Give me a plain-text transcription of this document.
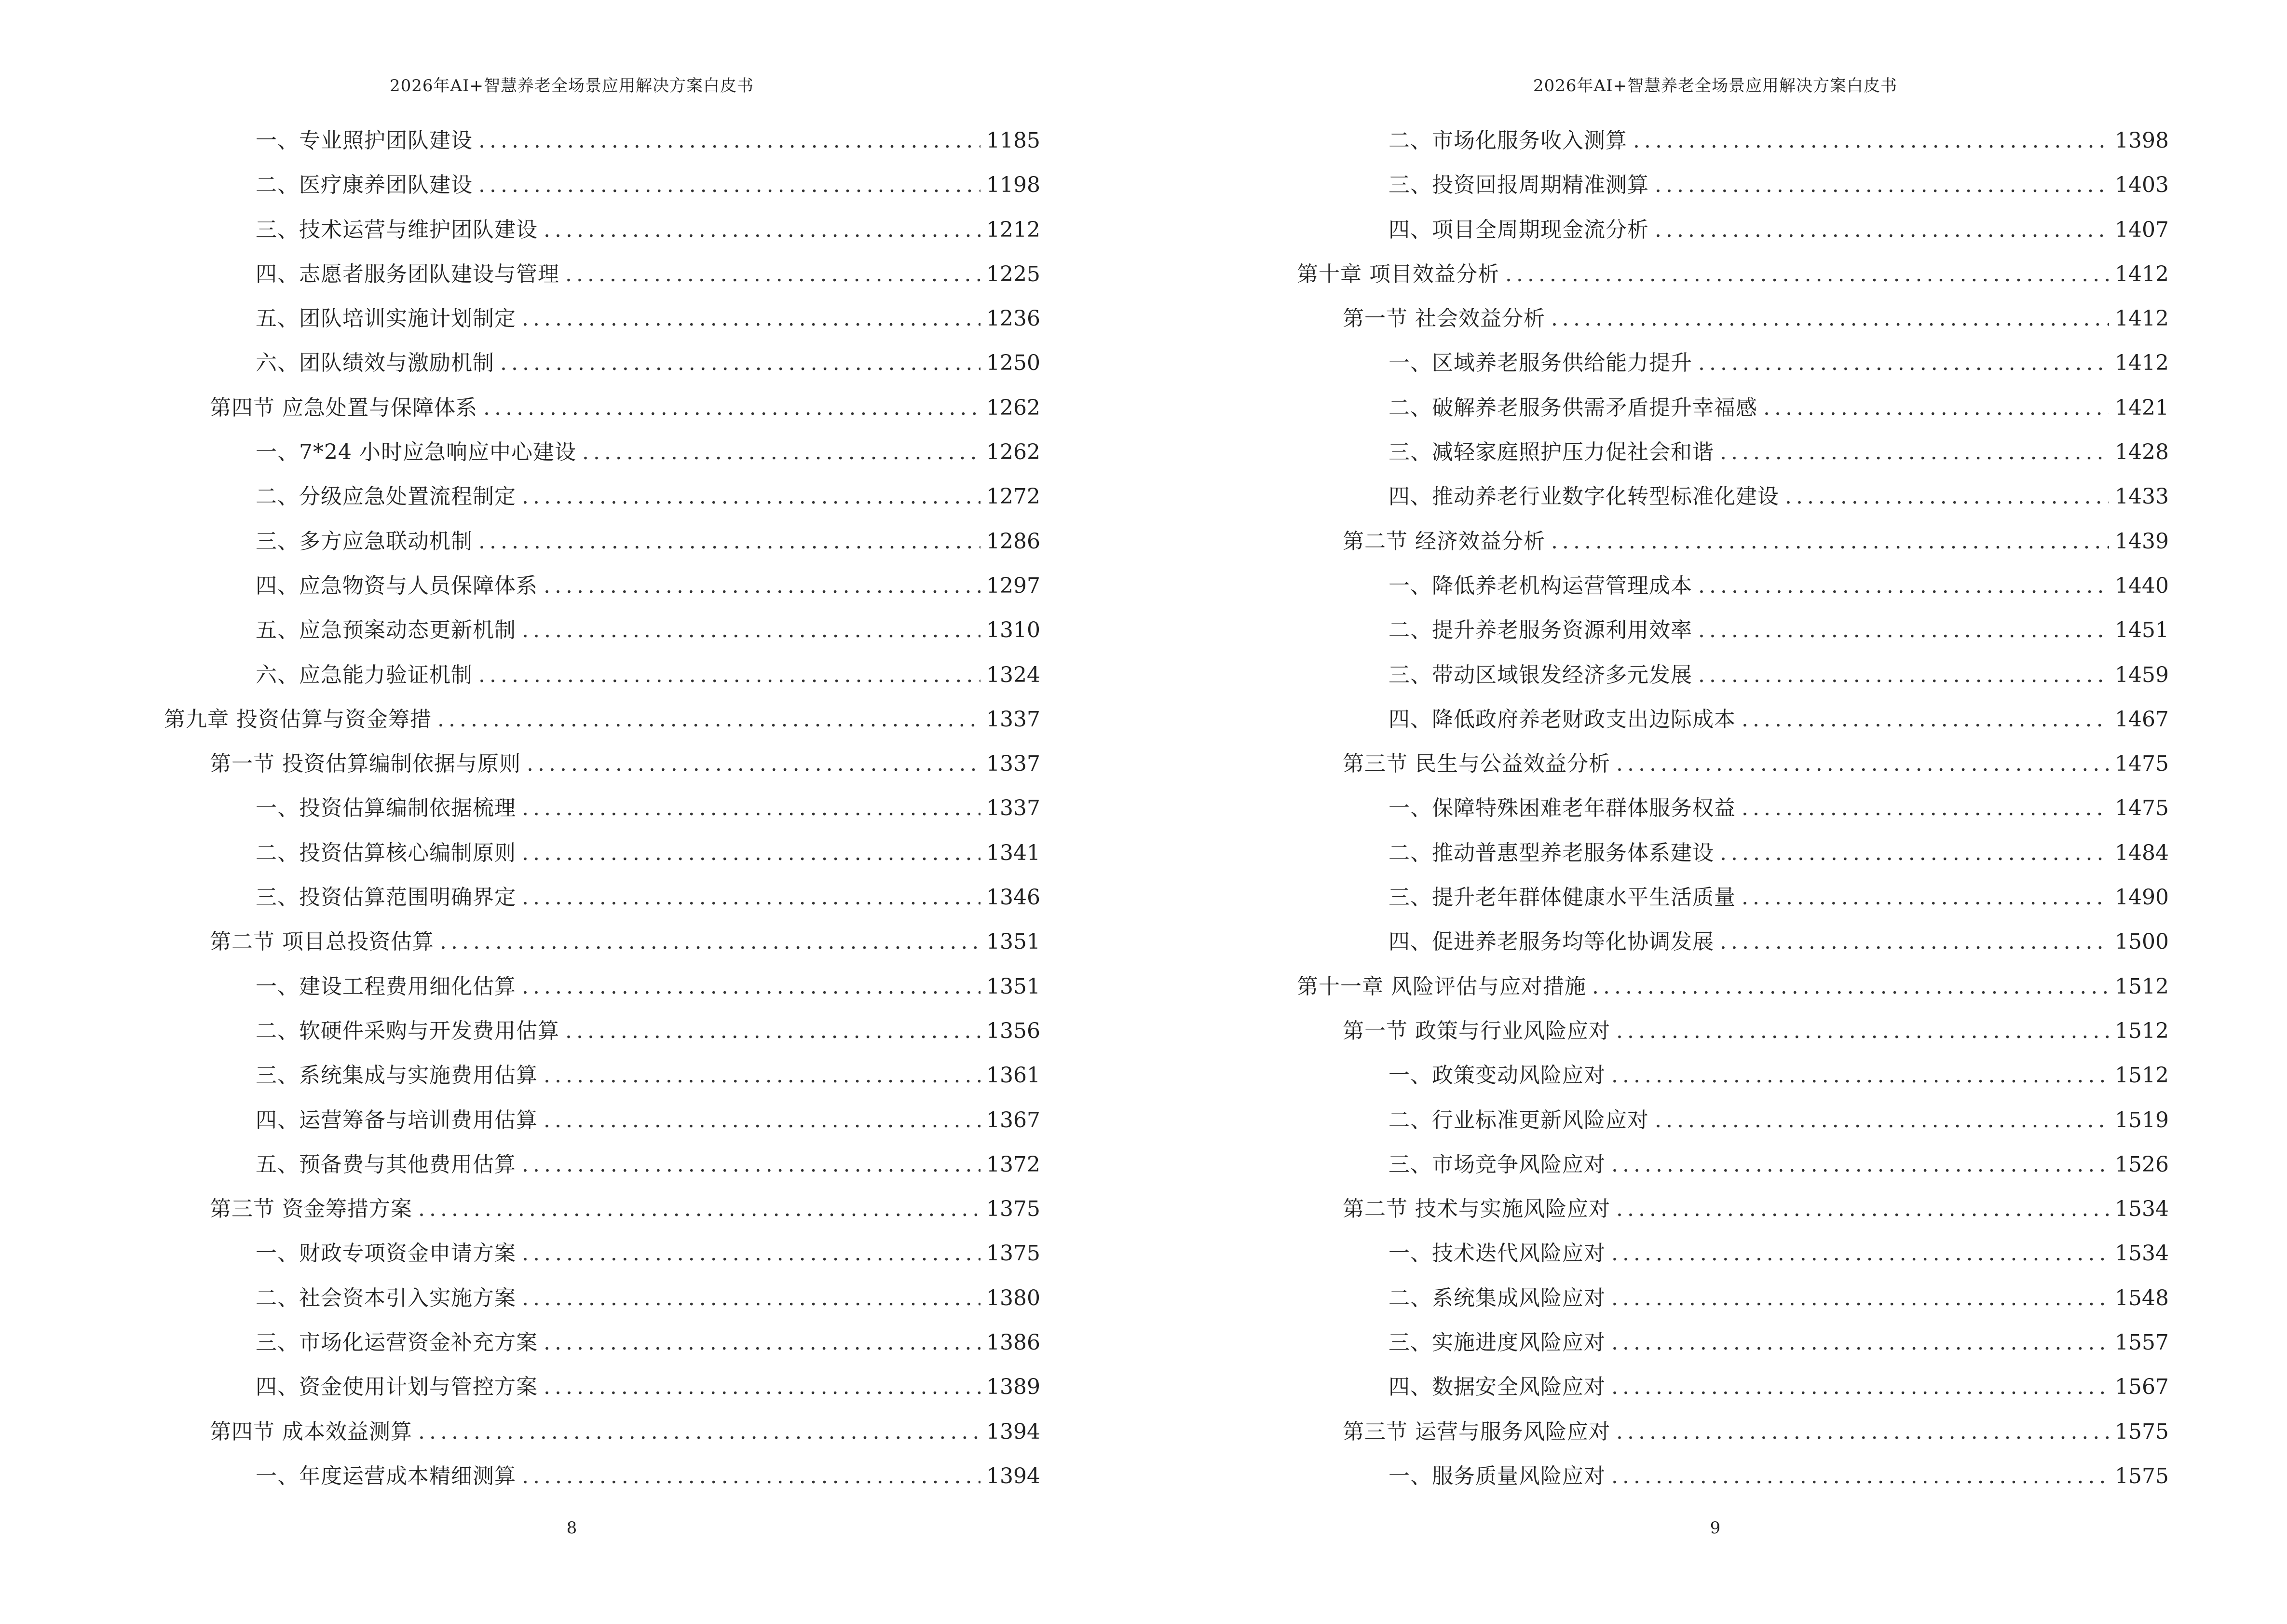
2026年AI+智慧养老全场景应用解决方案白皮书
一、专业照护团队建设 .....	1185
二、医疗康养团队建设 .....	1198
三、技术运营与维护团队建设 .....	1212
四、志愿者服务团队建设与管理 .....	1225
五、团队培训实施计划制定 .....	1236
六、团队绩效与激励机制 .....	1250
第四节 应急处置与保障体系 .....	1262
一、7*24 小时应急响应中心建设 .....	1262
二、分级应急处置流程制定 .....	1272
三、多方应急联动机制 .....	1286
四、应急物资与人员保障体系 .....	1297
五、应急预案动态更新机制 .....	1310
六、应急能力验证机制 .....	1324
第九章 投资估算与资金筹措 .....	1337
第一节 投资估算编制依据与原则 .....	1337
一、投资估算编制依据梳理 .....	1337
二、投资估算核心编制原则 .....	1341
三、投资估算范围明确界定 .....	1346
第二节 项目总投资估算 .....	1351
一、建设工程费用细化估算 .....	1351
二、软硬件采购与开发费用估算 .....	1356
三、系统集成与实施费用估算 .....	1361
四、运营筹备与培训费用估算 .....	1367
五、预备费与其他费用估算 .....	1372
第三节 资金筹措方案 .....	1375
一、财政专项资金申请方案 .....	1375
二、社会资本引入实施方案 .....	1380
三、市场化运营资金补充方案 .....	1386
四、资金使用计划与管控方案 .....	1389
第四节 成本效益测算 .....	1394
一、年度运营成本精细测算 .....	1394
8
2026年AI+智慧养老全场景应用解决方案白皮书
二、市场化服务收入测算 .....	1398
三、投资回报周期精准测算 .....	1403
四、项目全周期现金流分析 .....	1407
第十章 项目效益分析 .....	1412
第一节 社会效益分析 .....	1412
一、区域养老服务供给能力提升 .....	1412
二、破解养老服务供需矛盾提升幸福感 .....	1421
三、减轻家庭照护压力促社会和谐 .....	1428
四、推动养老行业数字化转型标准化建设 .....	1433
第二节 经济效益分析 .....	1439
一、降低养老机构运营管理成本 .....	1440
二、提升养老服务资源利用效率 .....	1451
三、带动区域银发经济多元发展 .....	1459
四、降低政府养老财政支出边际成本 .....	1467
第三节 民生与公益效益分析 .....	1475
一、保障特殊困难老年群体服务权益 .....	1475
二、推动普惠型养老服务体系建设 .....	1484
三、提升老年群体健康水平生活质量 .....	1490
四、促进养老服务均等化协调发展 .....	1500
第十一章 风险评估与应对措施 .....	1512
第一节 政策与行业风险应对 .....	1512
一、政策变动风险应对 .....	1512
二、行业标准更新风险应对 .....	1519
三、市场竞争风险应对 .....	1526
第二节 技术与实施风险应对 .....	1534
一、技术迭代风险应对 .....	1534
二、系统集成风险应对 .....	1548
三、实施进度风险应对 .....	1557
四、数据安全风险应对 .....	1567
第三节 运营与服务风险应对 .....	1575
一、服务质量风险应对 .....	1575
9
